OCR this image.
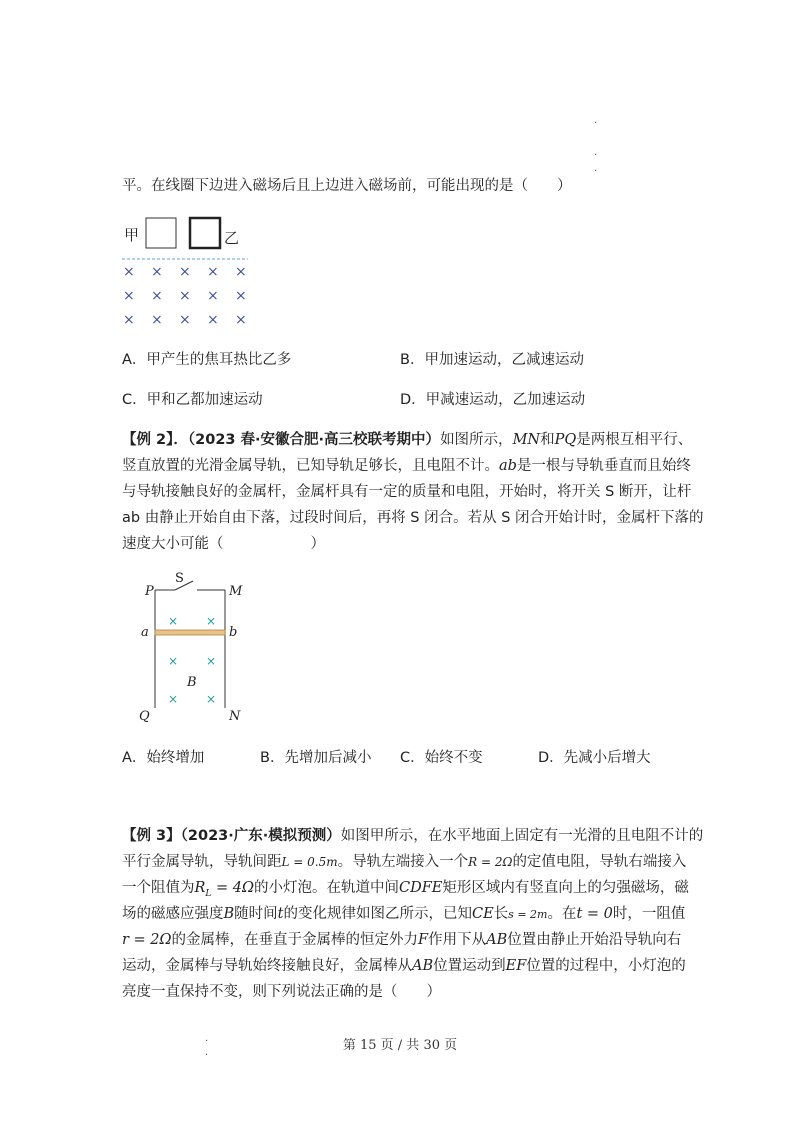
·
·
·
·
·
平。在线圈下边进入磁场后且上边进入磁场前，可能出现的是（　　）
甲	乙
× × × × ×
× × × × ×
× × × × ×
A．甲产生的焦耳热比乙多	B．甲加速运动，乙减速运动
C．甲和乙都加速运动	D．甲减速运动，乙加速运动
【例 2】．（2023 春·安徽合肥·高三校联考期中）如图所示，MN和PQ是两根互相平行、
竖直放置的光滑金属导轨，已知导轨足够长，且电阻不计。ab是一根与导轨垂直而且始终
与导轨接触良好的金属杆，金属杆具有一定的质量和电阻，开始时，将开关 S 断开，让杆
ab 由静止开始自由下落，过段时间后，再将 S 闭合。若从 S 闭合开始计时，金属杆下落的
速度大小可能（　　　　　　）
P
S
M
a	b
× ×
× ×
× ×
B
Q	N
A．始终增加	B．先增加后减小 C．始终不变	D．先减小后增大
【例 3】（2023·广东·模拟预测）如图甲所示，在水平地面上固定有一光滑的且电阻不计的
平行金属导轨，导轨间距L = 0.5m。导轨左端接入一个R = 2Ω的定值电阻，导轨右端接入
一个阻值为$R_L = 4\Omega$的小灯泡。在轨道中间CDFE矩形区域内有竖直向上的匀强磁场，磁
场的磁感应强度B随时间t的变化规律如图乙所示，已知CE长s = 2m。在t = 0时，一阻值
r = 2Ω的金属棒，在垂直于金属棒的恒定外力F作用下从AB位置由静止开始沿导轨向右
运动，金属棒与导轨始终接触良好，金属棒从AB位置运动到EF位置的过程中，小灯泡的
亮度一直保持不变，则下列说法正确的是（　　）
第 15 页 / 共 30 页
